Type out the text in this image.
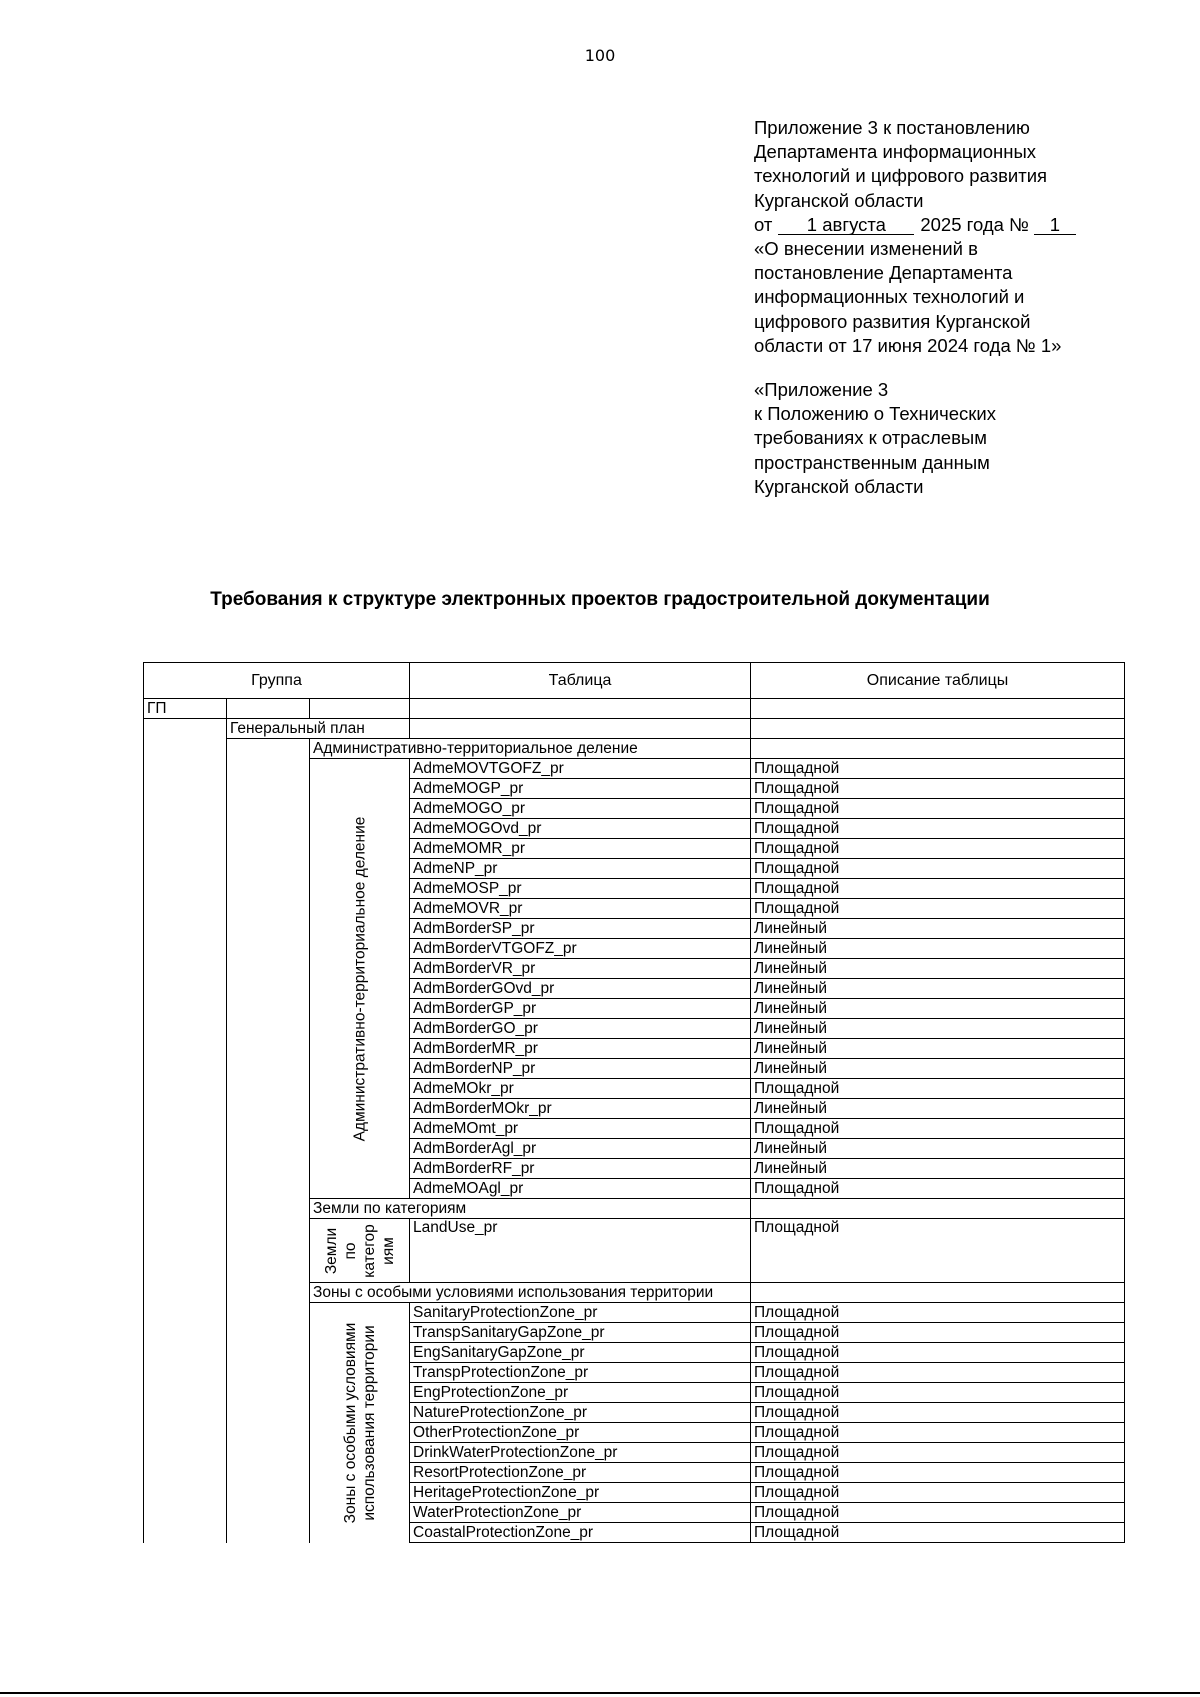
100
Приложение 3 к постановлению
Департамента информационных
технологий и цифрового развития
Курганской области
от 1 августа 2025 года № 1
«О внесении изменений в
постановление Департамента
информационных технологий и
цифрового развития Курганской
области от 17 июня 2024 года № 1»
«Приложение 3
к Положению о Технических
требованиях к отраслевым
пространственным данным
Курганской области
Требования к структуре электронных проектов градостроительной документации
Группа			Таблица	Описание таблицы
ГП				
	Генеральный план			
		Административно-территориальное деление		

		Административно-территориальное деление	AdmeMOVTGOFZ_pr	Площадной
			AdmeMOGP_pr	Площадной
			AdmeMOGO_pr	Площадной
			AdmeMOGOvd_pr	Площадной
			AdmeMOMR_pr	Площадной
			AdmeNP_pr	Площадной
			AdmeMOSP_pr	Площадной
			AdmeMOVR_pr	Площадной
			AdmBorderSP_pr	Линейный
			AdmBorderVTGOFZ_pr	Линейный
			AdmBorderVR_pr	Линейный
			AdmBorderGOvd_pr	Линейный
			AdmBorderGP_pr	Линейный
			AdmBorderGO_pr	Линейный
			AdmBorderMR_pr	Линейный
			AdmBorderNP_pr	Линейный
			AdmeMOkr_pr	Площадной
			AdmBorderMOkr_pr	Линейный
			AdmeMOmt_pr	Площадной
			AdmBorderAgl_pr	Линейный
			AdmBorderRF_pr	Линейный
			AdmeMOAgl_pr	Площадной
		Земли по категориям		

		Земли по категор иям	LandUse_pr	Площадной
		Зоны с особыми условиями использования территории		

		Зоны с особыми условиями использования территории	SanitaryProtectionZone_pr	Площадной
			TranspSanitaryGapZone_pr	Площадной
			EngSanitaryGapZone_pr	Площадной
			TranspProtectionZone_pr	Площадной
			EngProtectionZone_pr	Площадной
			NatureProtectionZone_pr	Площадной
			OtherProtectionZone_pr	Площадной
			DrinkWaterProtectionZone_pr	Площадной
			ResortProtectionZone_pr	Площадной
			HeritageProtectionZone_pr	Площадной
			WaterProtectionZone_pr	Площадной
			CoastalProtectionZone_pr	Площадной
